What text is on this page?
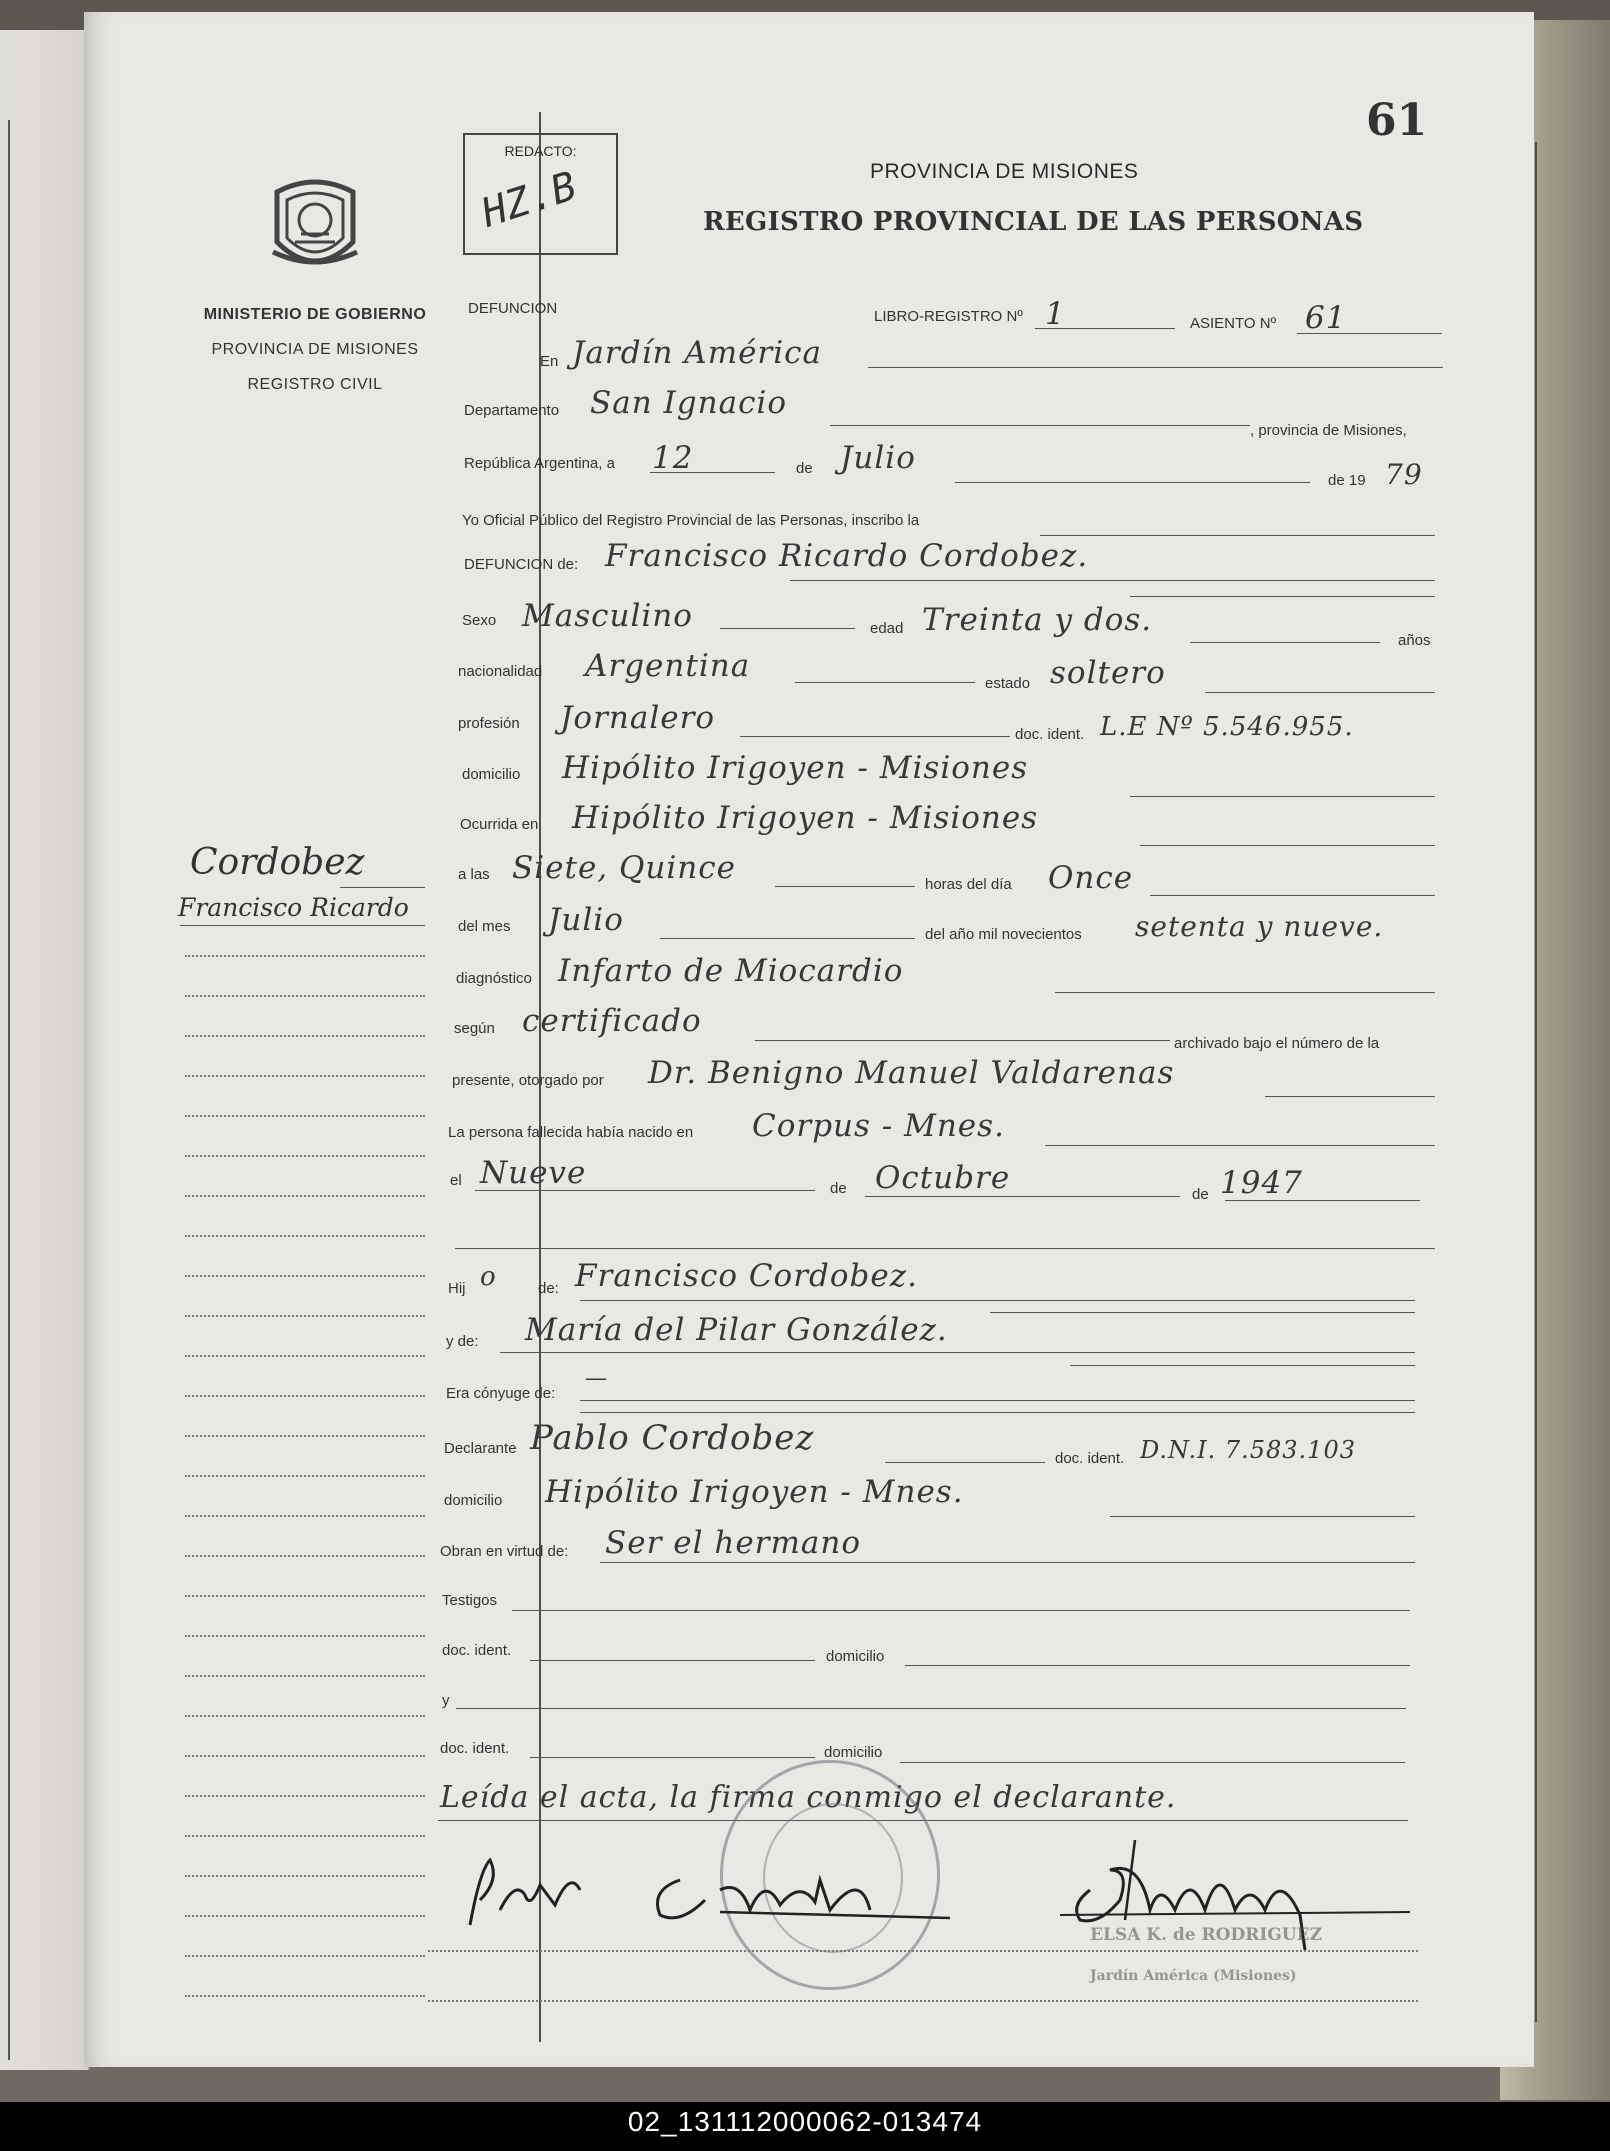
61
MINISTERIO DE GOBIERNO
PROVINCIA DE MISIONES
REGISTRO CIVIL
REDACTO:
HZ.B	PROVINCIA DE MISIONES
REGISTRO PROVINCIAL DE LAS PERSONAS
Cordobez
Francisco Ricardo
DEFUNCION	LIBRO-REGISTRO Nº 1	ASIENTO Nº 61
En Jardín América
Departamento San Ignacio
, provincia de Misiones,
República Argentina, a 12	de Julio
de 19 79
Yo Oficial Público del Registro Provincial de las Personas, inscribo la
DEFUNCION de: Francisco Ricardo Cordobez.
Sexo Masculino	edad Treinta y dos.
años
nacionalidad Argentina	estado soltero
profesión Jornalero	doc. ident. L.E Nº 5.546.955.
domicilio Hipólito Irigoyen - Misiones
Ocurrida en Hipólito Irigoyen - Misiones
a las Siete, Quince	horas del día Once
del mes Julio	del año mil novecientos setenta y nueve.
diagnóstico Infarto de Miocardio
según certificado
archivado bajo el número de la
presente, otorgado por Dr. Benigno Manuel Valdarenas
La persona fallecida había nacido en Corpus - Mnes.
el Nueve	de Octubre	de 1947
Hij o	de: Francisco Cordobez.
y de: María del Pilar González.
Era cónyuge de:
—
Declarante Pablo Cordobez
doc. ident. D.N.I. 7.583.103
domicilio Hipólito Irigoyen - Mnes.
Obran en virtud de: Ser el hermano
Testigos
doc. ident.	domicilio
y
doc. ident.	domicilio
Leída el acta, la firma conmigo el declarante.
ELSA K. de RODRIGUEZ
Jardín América (Misiones)
02_131112000062-013474
